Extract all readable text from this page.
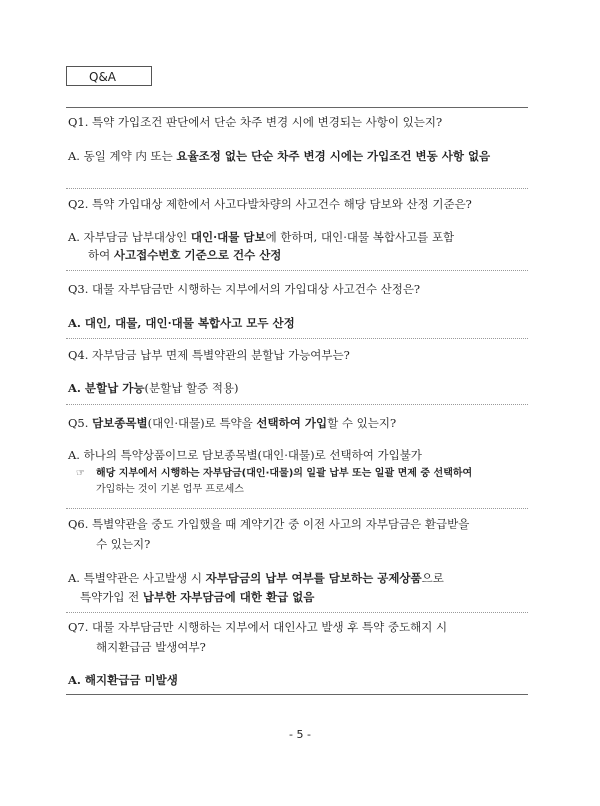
Q&A
Q1. 특약 가입조건 판단에서 단순 차주 변경 시에 변경되는 사항이 있는지?
A. 동일 계약 内 또는 요율조정 없는 단순 차주 변경 시에는 가입조건 변동 사항 없음
Q2. 특약 가입대상 제한에서 사고다발차량의 사고건수 해당 담보와 산정 기준은?
A. 자부담금 납부대상인 대인·대물 담보에 한하며, 대인·대물 복합사고를 포함
하여 사고접수번호 기준으로 건수 산정
Q3. 대물 자부담금만 시행하는 지부에서의 가입대상 사고건수 산정은?
A. 대인, 대물, 대인·대물 복합사고 모두 산정
Q4. 자부담금 납부 면제 특별약관의 분할납 가능여부는?
A. 분할납 가능(분할납 할증 적용)
Q5. 담보종목별(대인·대물)로 특약을 선택하여 가입할 수 있는지?
A. 하나의 특약상품이므로 담보종목별(대인·대물)로 선택하여 가입불가
☞	해당 지부에서 시행하는 자부담금(대인·대물)의 일괄 납부 또는 일괄 면제 중 선택하여
가입하는 것이 기본 업무 프로세스
Q6. 특별약관을 중도 가입했을 때 계약기간 중 이전 사고의 자부담금은 환급받을
수 있는지?
A. 특별약관은 사고발생 시 자부담금의 납부 여부를 담보하는 공제상품으로
특약가입 전 납부한 자부담금에 대한 환급 없음
Q7. 대물 자부담금만 시행하는 지부에서 대인사고 발생 후 특약 중도해지 시
해지환급금 발생여부?
A. 해지환급금 미발생
- 5 -
